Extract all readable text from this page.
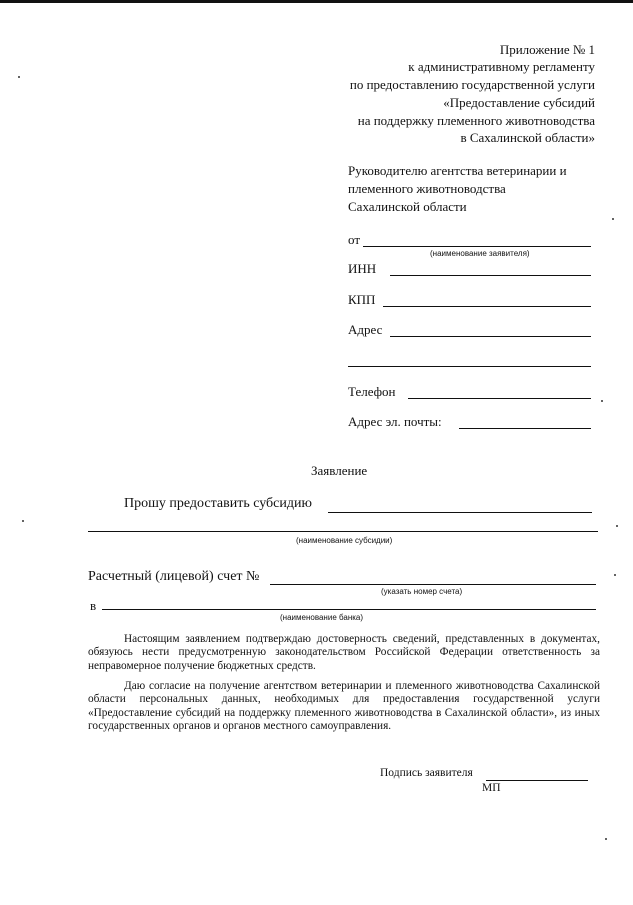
Приложение № 1
к административному регламенту
по предоставлению государственной услуги
«Предоставление субсидий
на поддержку племенного животноводства
в Сахалинской области»
Руководителю агентства ветеринарии и
племенного животноводства
Сахалинской области
от
(наименование заявителя)
ИНН
КПП
Адрес
Телефон
Адрес эл. почты:
Заявление
Прошу предоставить субсидию
(наименование субсидии)
Расчетный (лицевой) счет №
(указать номер счета)
в
(наименование банка)

Настоящим заявлением подтверждаю достоверность сведений, представленных в документах, обязуюсь нести предусмотренную законодательством Российской Федерации ответственность за неправомерное получение бюджетных средств.

Даю согласие на получение агентством ветеринарии и племенного животноводства Сахалинской области персональных данных, необходимых для предоставления государственной услуги «Предоставление субсидий на поддержку племенного животноводства в Сахалинской области», из иных государственных органов и органов местного самоуправления.

Подпись заявителя
МП
